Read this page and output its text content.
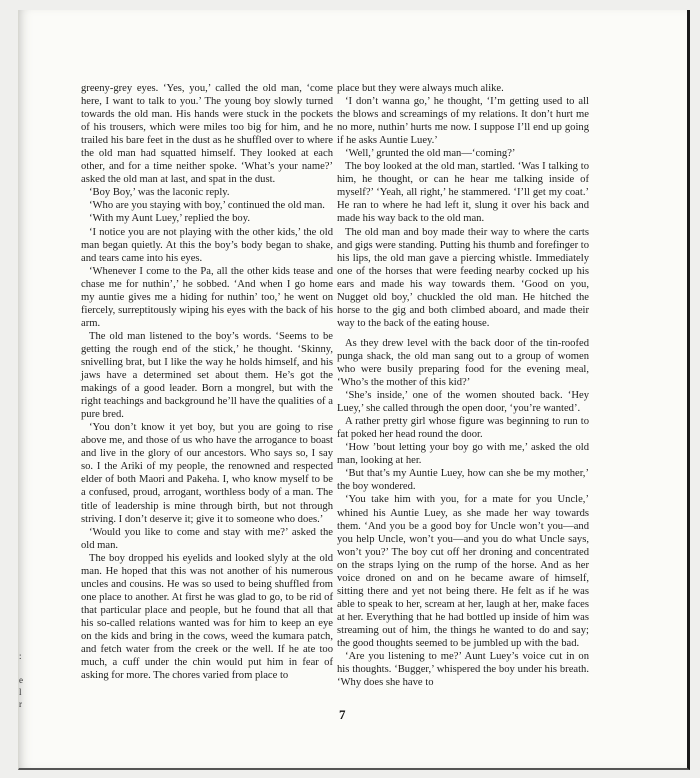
:
e
l
r

greeny-grey eyes. ‘Yes, you,’ called the old man, ‘come here, I want to talk to you.’ The young boy slowly turned towards the old man. His hands were stuck in the pockets of his trousers, which were miles too big for him, and he trailed his bare feet in the dust as he shuffled over to where the old man had squatted himself. They looked at each other, and for a time neither spoke. ‘What’s your name?’ asked the old man at last, and spat in the dust.

‘Boy Boy,’ was the laconic reply.

‘Who are you staying with boy,’ continued the old man.

‘With my Aunt Luey,’ replied the boy.

‘I notice you are not playing with the other kids,’ the old man began quietly. At this the boy’s body began to shake, and tears came into his eyes.

‘Whenever I come to the Pa, all the other kids tease and chase me for nuthin’,’ he sobbed. ‘And when I go home my auntie gives me a hiding for nuthin’ too,’ he went on fiercely, surreptitously wiping his eyes with the back of his arm.

The old man listened to the boy’s words. ‘Seems to be getting the rough end of the stick,’ he thought. ‘Skinny, snivelling brat, but I like the way he holds himself, and his jaws have a determined set about them. He’s got the makings of a good leader. Born a mongrel, but with the right teachings and background he’ll have the qualities of a pure bred.

‘You don’t know it yet boy, but you are going to rise above me, and those of us who have the arrogance to boast and live in the glory of our ancestors. Who says so, I say so. I the Ariki of my people, the renowned and respected elder of both Maori and Pakeha. I, who know myself to be a confused, proud, arrogant, worthless body of a man. The title of leadership is mine through birth, but not through striving. I don’t deserve it; give it to someone who does.’

‘Would you like to come and stay with me?’ asked the old man.

The boy dropped his eyelids and looked slyly at the old man. He hoped that this was not another of his numerous uncles and cousins. He was so used to being shuffled from one place to another. At first he was glad to go, to be rid of that particular place and people, but he found that all that his so-called relations wanted was for him to keep an eye on the kids and bring in the cows, weed the kumara patch, and fetch water from the creek or the well. If he ate too much, a cuff under the chin would put him in fear of asking for more. The chores varied from place to

place but they were always much alike.

‘I don’t wanna go,’ he thought, ‘I’m getting used to all the blows and screamings of my relations. It don’t hurt me no more, nuthin’ hurts me now. I suppose I’ll end up going if he asks Auntie Luey.’

‘Well,’ grunted the old man—‘coming?’

The boy looked at the old man, startled. ‘Was I talking to him, he thought, or can he hear me talking inside of myself?’ ‘Yeah, all right,’ he stammered. ‘I’ll get my coat.’ He ran to where he had left it, slung it over his back and made his way back to the old man.

The old man and boy made their way to where the carts and gigs were standing. Putting his thumb and forefinger to his lips, the old man gave a piercing whistle. Immediately one of the horses that were feeding nearby cocked up his ears and made his way towards them. ‘Good on you, Nugget old boy,’ chuckled the old man. He hitched the horse to the gig and both climbed aboard, and made their way to the back of the eating house.

As they drew level with the back door of the tin-roofed punga shack, the old man sang out to a group of women who were busily preparing food for the evening meal, ‘Who’s the mother of this kid?’

‘She’s inside,’ one of the women shouted back. ‘Hey Luey,’ she called through the open door, ‘you’re wanted’.

A rather pretty girl whose figure was beginning to run to fat poked her head round the door.

‘How ’bout letting your boy go with me,’ asked the old man, looking at her.

‘But that’s my Auntie Luey, how can she be my mother,’ the boy wondered.

‘You take him with you, for a mate for you Uncle,’ whined his Auntie Luey, as she made her way towards them. ‘And you be a good boy for Uncle won’t you—and you help Uncle, won’t you—and you do what Uncle says, won’t you?’ The boy cut off her droning and concentrated on the straps lying on the rump of the horse. And as her voice droned on and on he became aware of himself, sitting there and yet not being there. He felt as if he was able to speak to her, scream at her, laugh at her, make faces at her. Everything that he had bottled up inside of him was streaming out of him, the things he wanted to do and say; the good thoughts seemed to be jumbled up with the bad.

‘Are you listening to me?’ Aunt Luey’s voice cut in on his thoughts. ‘Bugger,’ whispered the boy under his breath. ‘Why does she have to

7
